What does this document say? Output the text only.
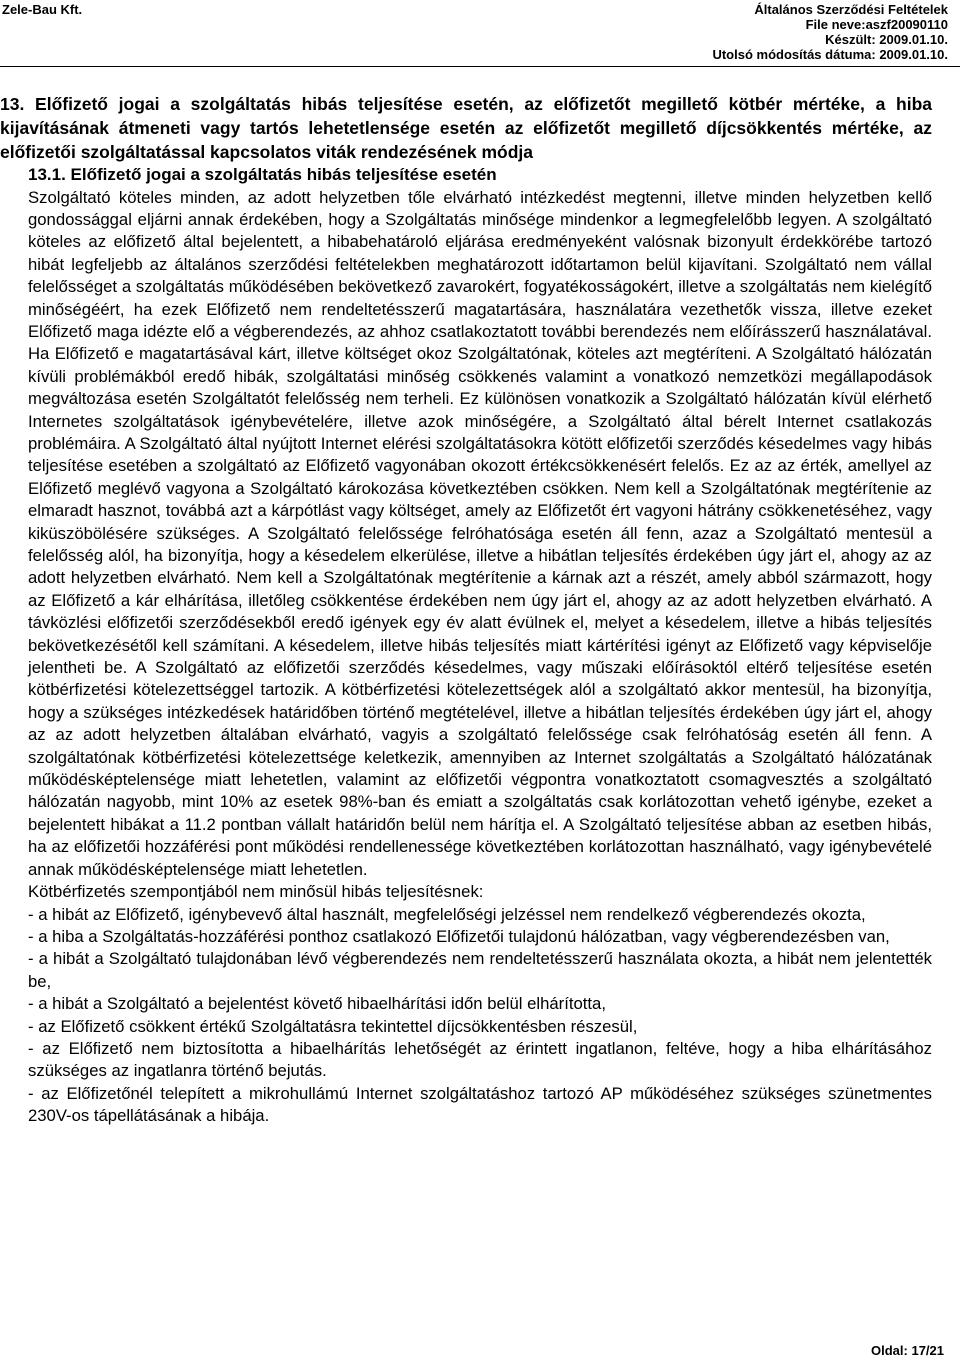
Zele-Bau Kft.	Általános Szerződési Feltételek
File neve:aszf20090110
Készült: 2009.01.10.
Utolsó módosítás dátuma: 2009.01.10.
13. Előfizető jogai a szolgáltatás hibás teljesítése esetén, az előfizetőt megillető kötbér mértéke, a hiba kijavításának átmeneti vagy tartós lehetetlensége esetén az előfizetőt megillető díjcsökkentés mértéke, az előfizetői szolgáltatással kapcsolatos viták rendezésének módja
13.1. Előfizető jogai a szolgáltatás hibás teljesítése esetén

Szolgáltató köteles minden, az adott helyzetben tőle elvárható intézkedést megtenni, illetve minden helyzetben kellő gondossággal eljárni annak érdekében, hogy a Szolgáltatás minősége mindenkor a legmegfelelőbb legyen. A szolgáltató köteles az előfizető által bejelentett, a hibabehatároló eljárása eredményeként valósnak bizonyult érdekkörébe tartozó hibát legfeljebb az általános szerződési feltételekben meghatározott időtartamon belül kijavítani. Szolgáltató nem vállal felelősséget a szolgáltatás működésében bekövetkező zavarokért, fogyatékosságokért, illetve a szolgáltatás nem kielégítő minőségéért, ha ezek Előfizető nem rendeltetésszerű magatartására, használatára vezethetők vissza, illetve ezeket Előfizető maga idézte elő a végberendezés, az ahhoz csatlakoztatott további berendezés nem előírásszerű használatával. Ha Előfizető e magatartásával kárt, illetve költséget okoz Szolgáltatónak, köteles azt megtéríteni. A Szolgáltató hálózatán kívüli problémákból eredő hibák, szolgáltatási minőség csökkenés valamint a vonatkozó nemzetközi megállapodások megváltozása esetén Szolgáltatót felelősség nem terheli. Ez különösen vonatkozik a Szolgáltató hálózatán kívül elérhető Internetes szolgáltatások igénybevételére, illetve azok minőségére, a Szolgáltató által bérelt Internet csatlakozás problémáira. A Szolgáltató által nyújtott Internet elérési szolgáltatásokra kötött előfizetői szerződés késedelmes vagy hibás teljesítése esetében a szolgáltató az Előfizető vagyonában okozott értékcsökkenésért felelős. Ez az az érték, amellyel az Előfizető meglévő vagyona a Szolgáltató károkozása következtében csökken. Nem kell a Szolgáltatónak megtérítenie az elmaradt hasznot, továbbá azt a kárpótlást vagy költséget, amely az Előfizetőt ért vagyoni hátrány csökkenetéséhez, vagy kiküszöbölésére szükséges. A Szolgáltató felelőssége felróhatósága esetén áll fenn, azaz a Szolgáltató mentesül a felelősség alól, ha bizonyítja, hogy a késedelem elkerülése, illetve a hibátlan teljesítés érdekében úgy járt el, ahogy az az adott helyzetben elvárható. Nem kell a Szolgáltatónak megtérítenie a kárnak azt a részét, amely abból származott, hogy az Előfizető a kár elhárítása, illetőleg csökkentése érdekében nem úgy járt el, ahogy az az adott helyzetben elvárható. A távközlési előfizetői szerződésekből eredő igények egy év alatt évülnek el, melyet a késedelem, illetve a hibás teljesítés bekövetkezésétől kell számítani. A késedelem, illetve hibás teljesítés miatt kártérítési igényt az Előfizető vagy képviselője jelentheti be. A Szolgáltató az előfizetői szerződés késedelmes, vagy műszaki előírásoktól eltérő teljesítése esetén kötbérfizetési kötelezettséggel tartozik. A kötbérfizetési kötelezettségek alól a szolgáltató akkor mentesül, ha bizonyítja, hogy a szükséges intézkedések határidőben történő megtételével, illetve a hibátlan teljesítés érdekében úgy járt el, ahogy az az adott helyzetben általában elvárható, vagyis a szolgáltató felelőssége csak felróhatóság esetén áll fenn. A szolgáltatónak kötbérfizetési kötelezettsége keletkezik, amennyiben az Internet szolgáltatás a Szolgáltató hálózatának működésképtelensége miatt lehetetlen, valamint az előfizetői végpontra vonatkoztatott csomagvesztés a szolgáltató hálózatán nagyobb, mint 10% az esetek 98%-ban és emiatt a szolgáltatás csak korlátozottan vehető igénybe, ezeket a bejelentett hibákat a 11.2 pontban vállalt határidőn belül nem hárítja el. A Szolgáltató teljesítése abban az esetben hibás, ha az előfizetői hozzáférési pont működési rendellenessége következtében korlátozottan használható, vagy igénybevételé annak működésképtelensége miatt lehetetlen.

Kötbérfizetés szempontjából nem minősül hibás teljesítésnek:

- a hibát az Előfizető, igénybevevő által használt, megfelelőségi jelzéssel nem rendelkező végberendezés okozta,
- a hiba a Szolgáltatás-hozzáférési ponthoz csatlakozó Előfizetői tulajdonú hálózatban, vagy végberendezésben van,
- a hibát a Szolgáltató tulajdonában lévő végberendezés nem rendeltetésszerű használata okozta, a hibát nem jelentették be,
- a hibát a Szolgáltató a bejelentést követő hibaelhárítási időn belül elhárította,
- az Előfizető csökkent értékű Szolgáltatásra tekintettel díjcsökkentésben részesül,
- az Előfizető nem biztosította a hibaelhárítás lehetőségét az érintett ingatlanon, feltéve, hogy a hiba elhárításához szükséges az ingatlanra történő bejutás.
- az Előfizetőnél telepített a mikrohullámú Internet szolgáltatáshoz tartozó AP működéséhez szükséges szünetmentes 230V-os tápellátásának a hibája.
Oldal: 17/21
